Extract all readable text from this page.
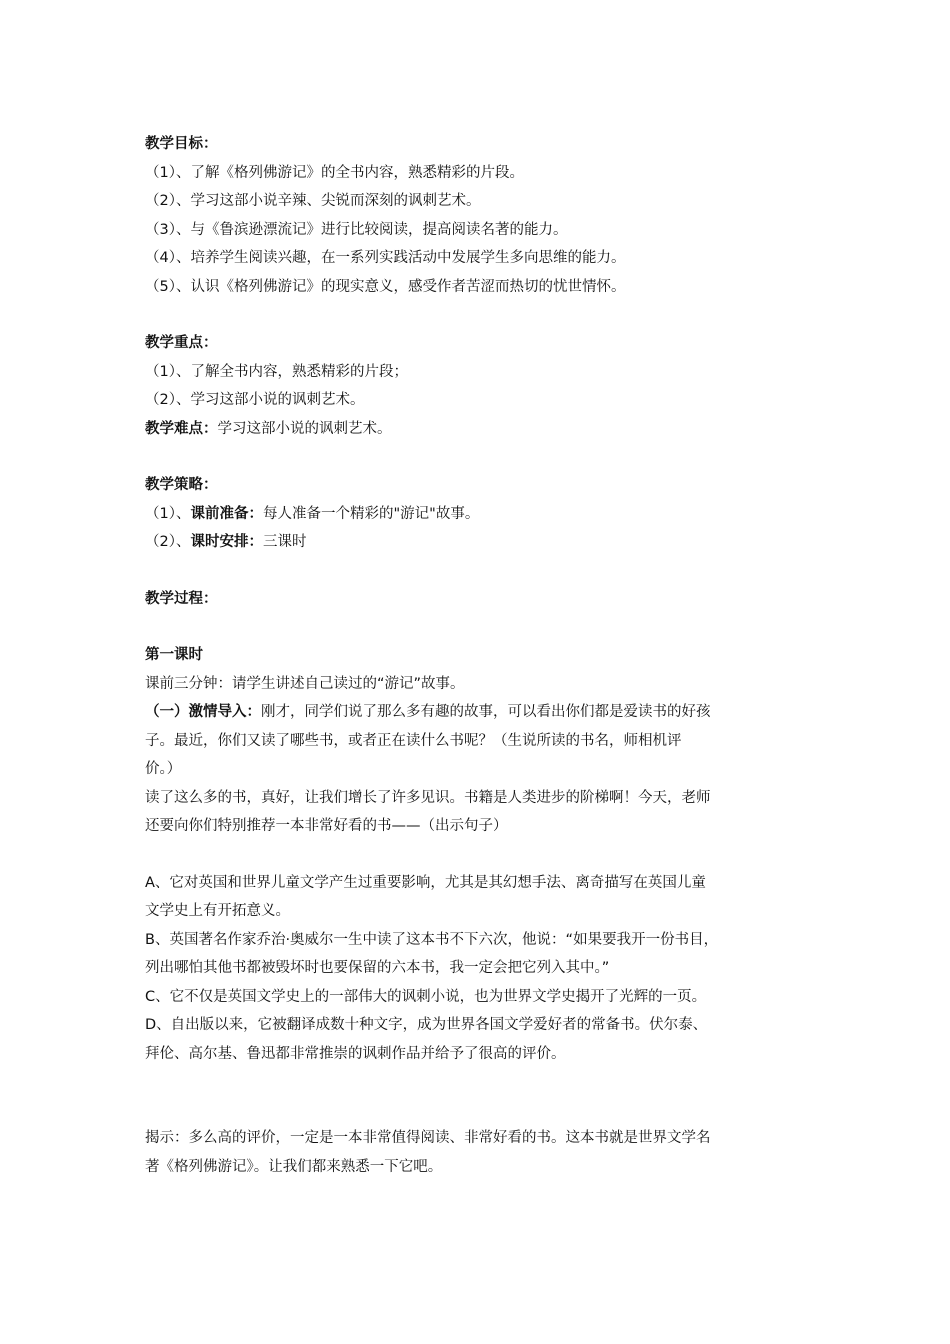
教学目标：
（1）、了解《格列佛游记》的全书内容，熟悉精彩的片段。
（2）、学习这部小说辛辣、尖锐而深刻的讽刺艺术。
（3）、与《鲁滨逊漂流记》进行比较阅读，提高阅读名著的能力。
（4）、培养学生阅读兴趣，在一系列实践活动中发展学生多向思维的能力。
（5）、认识《格列佛游记》的现实意义，感受作者苦涩而热切的忧世情怀。
教学重点：
（1）、了解全书内容，熟悉精彩的片段；
（2）、学习这部小说的讽刺艺术。
教学难点：学习这部小说的讽刺艺术。
教学策略：
（1）、课前准备：每人准备一个精彩的"游记"故事。
（2）、课时安排：三课时
教学过程：
第一课时
课前三分钟：请学生讲述自己读过的“游记”故事。
（一）激情导入：刚才，同学们说了那么多有趣的故事，可以看出你们都是爱读书的好孩
子。最近，你们又读了哪些书，或者正在读什么书呢？（生说所读的书名，师相机评
价。）
读了这么多的书，真好，让我们增长了许多见识。书籍是人类进步的阶梯啊！今天，老师
还要向你们特别推荐一本非常好看的书——（出示句子）
A、它对英国和世界儿童文学产生过重要影响，尤其是其幻想手法、离奇描写在英国儿童
文学史上有开拓意义。
B、英国著名作家乔治·奥威尔一生中读了这本书不下六次，他说：“如果要我开一份书目，
列出哪怕其他书都被毁坏时也要保留的六本书，我一定会把它列入其中。”
C、它不仅是英国文学史上的一部伟大的讽刺小说，也为世界文学史揭开了光辉的一页。
D、自出版以来，它被翻译成数十种文字，成为世界各国文学爱好者的常备书。伏尔泰、
拜伦、高尔基、鲁迅都非常推崇的讽刺作品并给予了很高的评价。
揭示：多么高的评价，一定是一本非常值得阅读、非常好看的书。这本书就是世界文学名
著《格列佛游记》。让我们都来熟悉一下它吧。
